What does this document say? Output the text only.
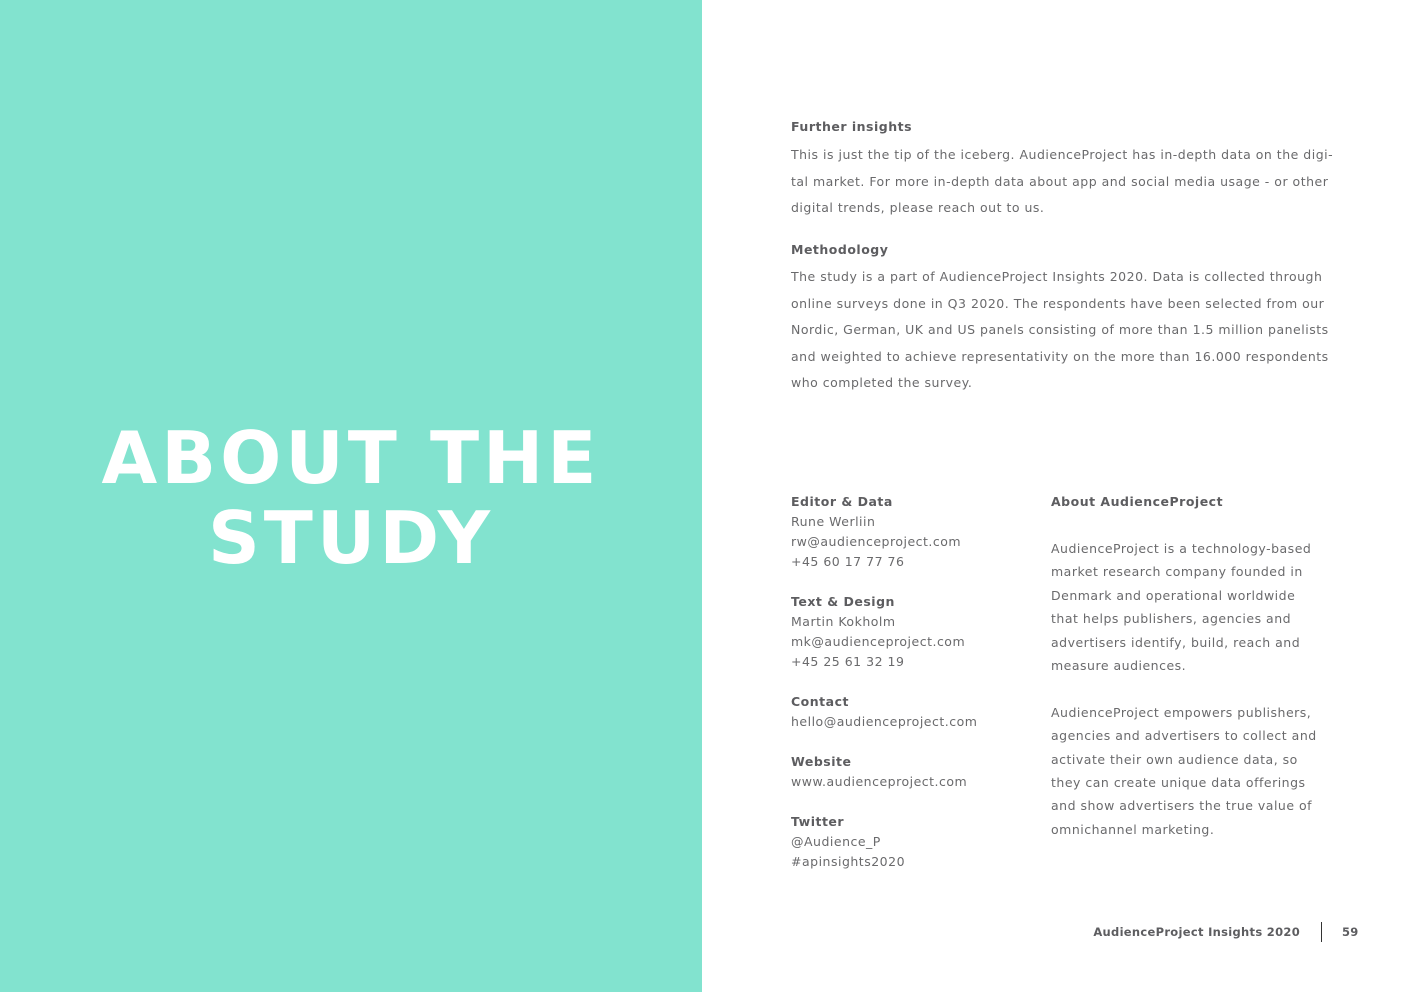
ABOUT THE
STUDY
Further insights
This is just the tip of the iceberg. AudienceProject has in-depth data on the digi-
tal market. For more in-depth data about app and social media usage - or other
digital trends, please reach out to us.
Methodology
The study is a part of AudienceProject Insights 2020. Data is collected through
online surveys done in Q3 2020. The respondents have been selected from our
Nordic, German, UK and US panels consisting of more than 1.5 million panelists
and weighted to achieve representativity on the more than 16.000 respondents
who completed the survey.
Editor & Data
Rune Werliin
rw@audienceproject.com
+45 60 17 77 76
Text & Design
Martin Kokholm
mk@audienceproject.com
+45 25 61 32 19
Contact
hello@audienceproject.com
Website
www.audienceproject.com
Twitter
@Audience_P
#apinsights2020
About AudienceProject
AudienceProject is a technology-based
market research company founded in
Denmark and operational worldwide
that helps publishers, agencies and
advertisers identify, build, reach and
measure audiences.
AudienceProject empowers publishers,
agencies and advertisers to collect and
activate their own audience data, so
they can create unique data offerings
and show advertisers the true value of
omnichannel marketing.
AudienceProject Insights 2020	59
